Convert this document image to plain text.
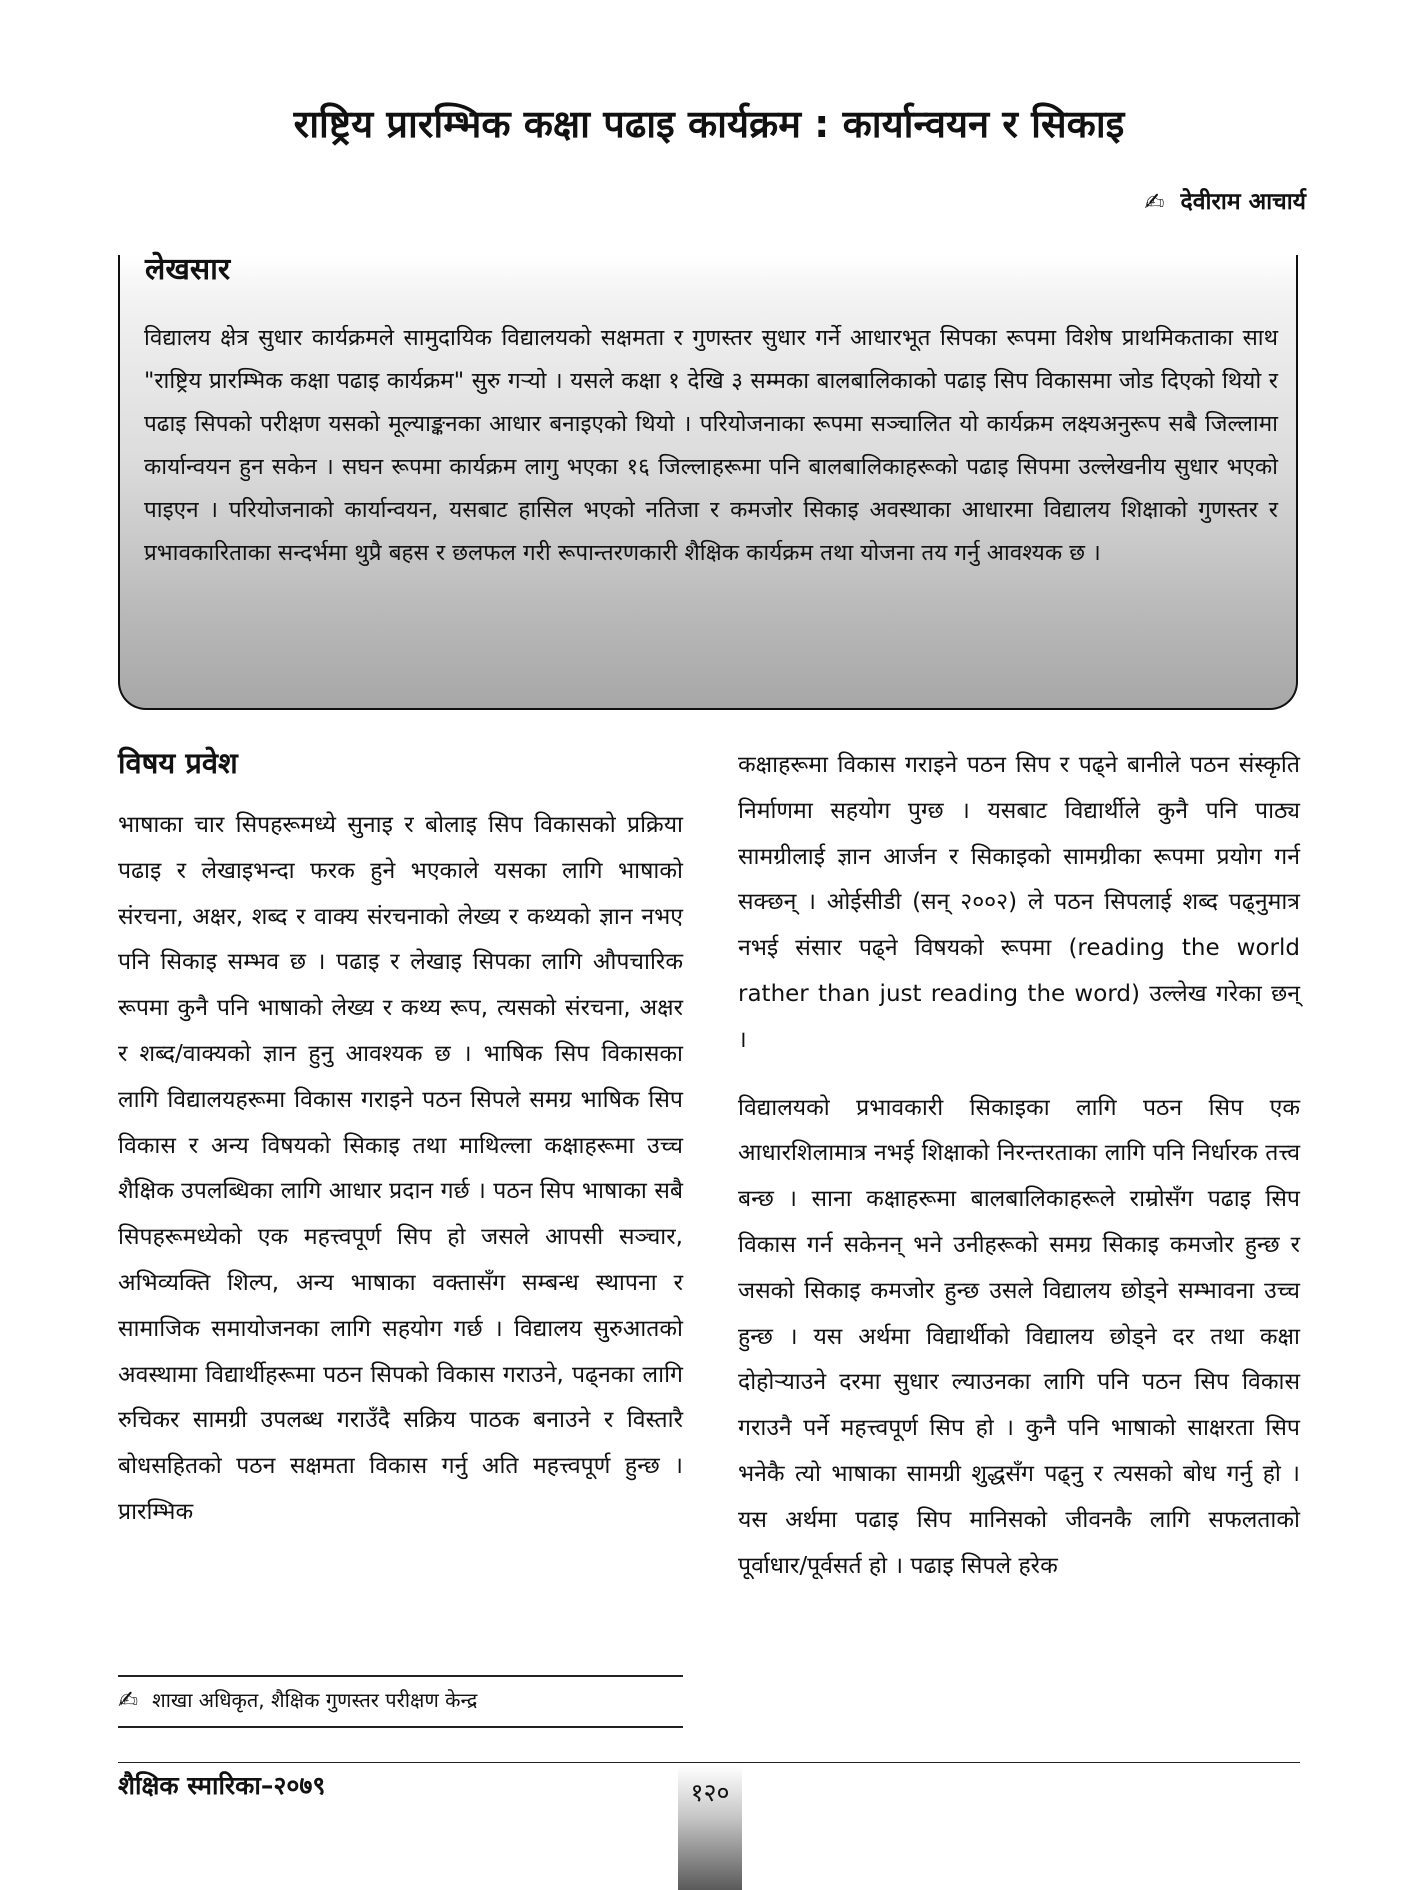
राष्ट्रिय प्रारम्भिक कक्षा पढाइ कार्यक्रम : कार्यान्वयन र सिकाइ
✍ देवीराम आचार्य
लेखसार

विद्यालय क्षेत्र सुधार कार्यक्रमले सामुदायिक विद्यालयको सक्षमता र गुणस्तर सुधार गर्ने आधारभूत सिपका रूपमा विशेष प्राथमिकताका साथ "राष्ट्रिय प्रारम्भिक कक्षा पढाइ कार्यक्रम" सुरु गर्‍यो । यसले कक्षा १ देखि ३ सम्मका बालबालिकाको पढाइ सिप विकासमा जोड दिएको थियो र पढाइ सिपको परीक्षण यसको मूल्याङ्कनका आधार बनाइएको थियो । परियोजनाका रूपमा सञ्चालित यो कार्यक्रम लक्ष्यअनुरूप सबै जिल्लामा कार्यान्वयन हुन सकेन । सघन रूपमा कार्यक्रम लागु भएका १६ जिल्लाहरूमा पनि बालबालिकाहरूको पढाइ सिपमा उल्लेखनीय सुधार भएको पाइएन । परियोजनाको कार्यान्वयन, यसबाट हासिल भएको नतिजा र कमजोर सिकाइ अवस्थाका आधारमा विद्यालय शिक्षाको गुणस्तर र प्रभावकारिताका सन्दर्भमा थुप्रै बहस र छलफल गरी रूपान्तरणकारी शैक्षिक कार्यक्रम तथा योजना तय गर्नु आवश्यक छ ।

विषय प्रवेश

भाषाका चार सिपहरूमध्ये सुनाइ र बोलाइ सिप विकासको प्रक्रिया पढाइ र लेखाइभन्दा फरक हुने भएकाले यसका लागि भाषाको संरचना, अक्षर, शब्द र वाक्य संरचनाको लेख्य र कथ्यको ज्ञान नभए पनि सिकाइ सम्भव छ । पढाइ र लेखाइ सिपका लागि औपचारिक रूपमा कुनै पनि भाषाको लेख्य र कथ्य रूप, त्यसको संरचना, अक्षर र शब्द/वाक्यको ज्ञान हुनु आवश्यक छ । भाषिक सिप विकासका लागि विद्यालयहरूमा विकास गराइने पठन सिपले समग्र भाषिक सिप विकास र अन्य विषयको सिकाइ तथा माथिल्ला कक्षाहरूमा उच्च शैक्षिक उपलब्धिका लागि आधार प्रदान गर्छ । पठन सिप भाषाका सबै सिपहरूमध्येको एक महत्त्वपूर्ण सिप हो जसले आपसी सञ्चार, अभिव्यक्ति शिल्प, अन्य भाषाका वक्तासँग सम्बन्ध स्थापना र सामाजिक समायोजनका लागि सहयोग गर्छ । विद्यालय सुरुआतको अवस्थामा विद्यार्थीहरूमा पठन सिपको विकास गराउने, पढ्नका लागि रुचिकर सामग्री उपलब्ध गराउँदै सक्रिय पाठक बनाउने र विस्तारै बोधसहितको पठन सक्षमता विकास गर्नु अति महत्त्वपूर्ण हुन्छ । प्रारम्भिक

कक्षाहरूमा विकास गराइने पठन सिप र पढ्ने बानीले पठन संस्कृति निर्माणमा सहयोग पुग्छ । यसबाट विद्यार्थीले कुनै पनि पाठ्य सामग्रीलाई ज्ञान आर्जन र सिकाइको सामग्रीका रूपमा प्रयोग गर्न सक्छन् । ओईसीडी (सन् २००२) ले पठन सिपलाई शब्द पढ्नुमात्र नभई संसार पढ्ने विषयको रूपमा (reading the world rather than just reading the word) उल्लेख गरेका छन् ।

विद्यालयको प्रभावकारी सिकाइका लागि पठन सिप एक आधारशिलामात्र नभई शिक्षाको निरन्तरताका लागि पनि निर्धारक तत्त्व बन्छ । साना कक्षाहरूमा बालबालिकाहरूले राम्रोसँग पढाइ सिप विकास गर्न सकेनन् भने उनीहरूको समग्र सिकाइ कमजोर हुन्छ र जसको सिकाइ कमजोर हुन्छ उसले विद्यालय छोड्ने सम्भावना उच्च हुन्छ । यस अर्थमा विद्यार्थीको विद्यालय छोड्ने दर तथा कक्षा दोहोर्‍याउने दरमा सुधार ल्याउनका लागि पनि पठन सिप विकास गराउनै पर्ने महत्त्वपूर्ण सिप हो । कुनै पनि भाषाको साक्षरता सिप भनेकै त्यो भाषाका सामग्री शुद्धसँग पढ्नु र त्यसको बोध गर्नु हो । यस अर्थमा पढाइ सिप मानिसको जीवनकै लागि सफलताको पूर्वाधार/पूर्वसर्त हो । पढाइ सिपले हरेक

✍ शाखा अधिकृत, शैक्षिक गुणस्तर परीक्षण केन्द्र
शैक्षिक स्मारिका–२०७९	१२०
